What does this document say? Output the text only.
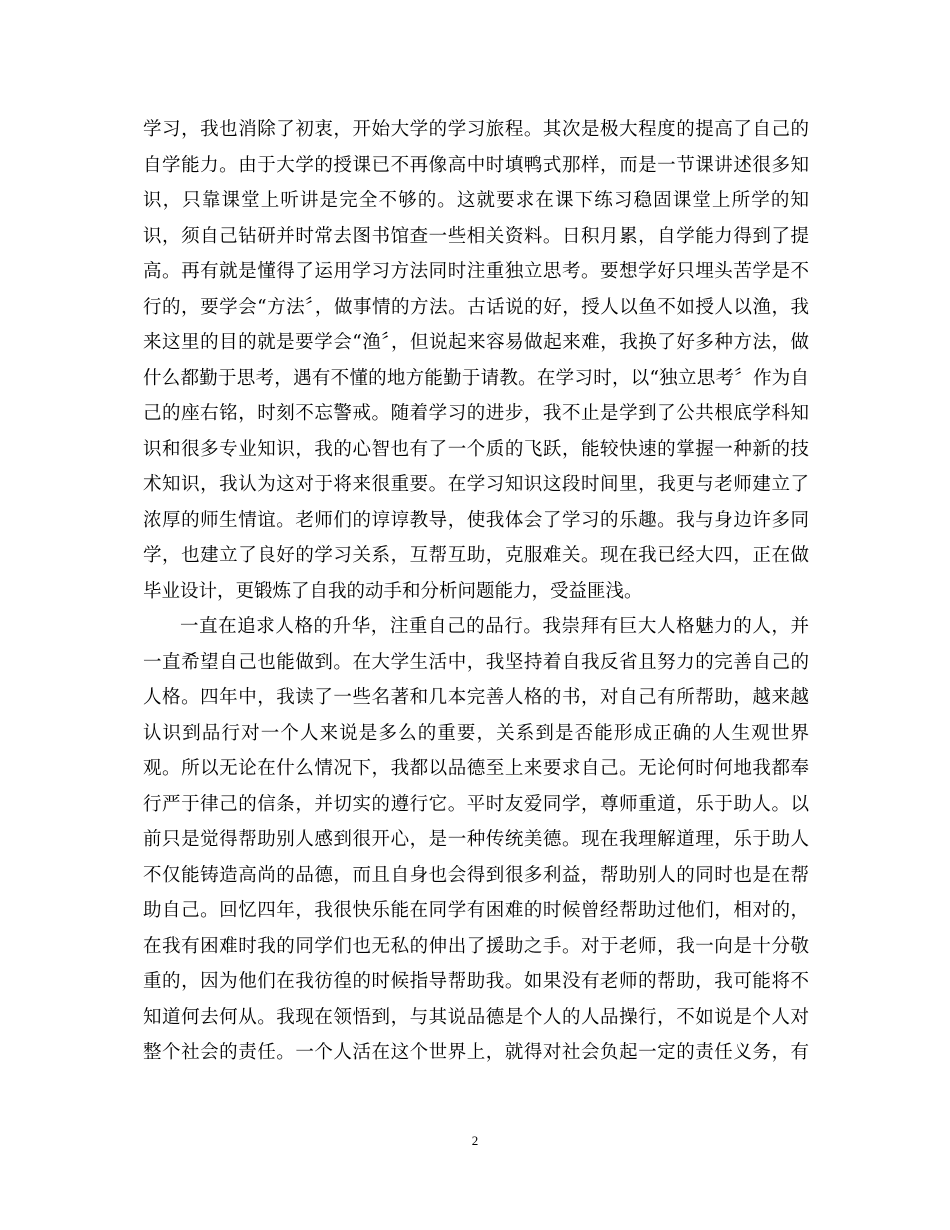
学习，我也消除了初衷，开始大学的学习旅程。其次是极大程度的提高了自己的
自学能力。由于大学的授课已不再像高中时填鸭式那样，而是一节课讲述很多知
识，只靠课堂上听讲是完全不够的。这就要求在课下练习稳固课堂上所学的知
识，须自己钻研并时常去图书馆查一些相关资料。日积月累，自学能力得到了提
高。再有就是懂得了运用学习方法同时注重独立思考。要想学好只埋头苦学是不
行的，要学会“方法〞，做事情的方法。古话说的好，授人以鱼不如授人以渔，我
来这里的目的就是要学会“渔〞，但说起来容易做起来难，我换了好多种方法，做
什么都勤于思考，遇有不懂的地方能勤于请教。在学习时，以“独立思考〞作为自
己的座右铭，时刻不忘警戒。随着学习的进步，我不止是学到了公共根底学科知
识和很多专业知识，我的心智也有了一个质的飞跃，能较快速的掌握一种新的技
术知识，我认为这对于将来很重要。在学习知识这段时间里，我更与老师建立了
浓厚的师生情谊。老师们的谆谆教导，使我体会了学习的乐趣。我与身边许多同
学，也建立了良好的学习关系，互帮互助，克服难关。现在我已经大四，正在做
毕业设计，更锻炼了自我的动手和分析问题能力，受益匪浅。
一直在追求人格的升华，注重自己的品行。我崇拜有巨大人格魅力的人，并
一直希望自己也能做到。在大学生活中，我坚持着自我反省且努力的完善自己的
人格。四年中，我读了一些名著和几本完善人格的书，对自己有所帮助，越来越
认识到品行对一个人来说是多么的重要，关系到是否能形成正确的人生观世界
观。所以无论在什么情况下，我都以品德至上来要求自己。无论何时何地我都奉
行严于律己的信条，并切实的遵行它。平时友爱同学，尊师重道，乐于助人。以
前只是觉得帮助别人感到很开心，是一种传统美德。现在我理解道理，乐于助人
不仅能铸造高尚的品德，而且自身也会得到很多利益，帮助别人的同时也是在帮
助自己。回忆四年，我很快乐能在同学有困难的时候曾经帮助过他们，相对的，
在我有困难时我的同学们也无私的伸出了援助之手。对于老师，我一向是十分敬
重的，因为他们在我彷徨的时候指导帮助我。如果没有老师的帮助，我可能将不
知道何去何从。我现在领悟到，与其说品德是个人的人品操行，不如说是个人对
整个社会的责任。一个人活在这个世界上，就得对社会负起一定的责任义务，有
2
